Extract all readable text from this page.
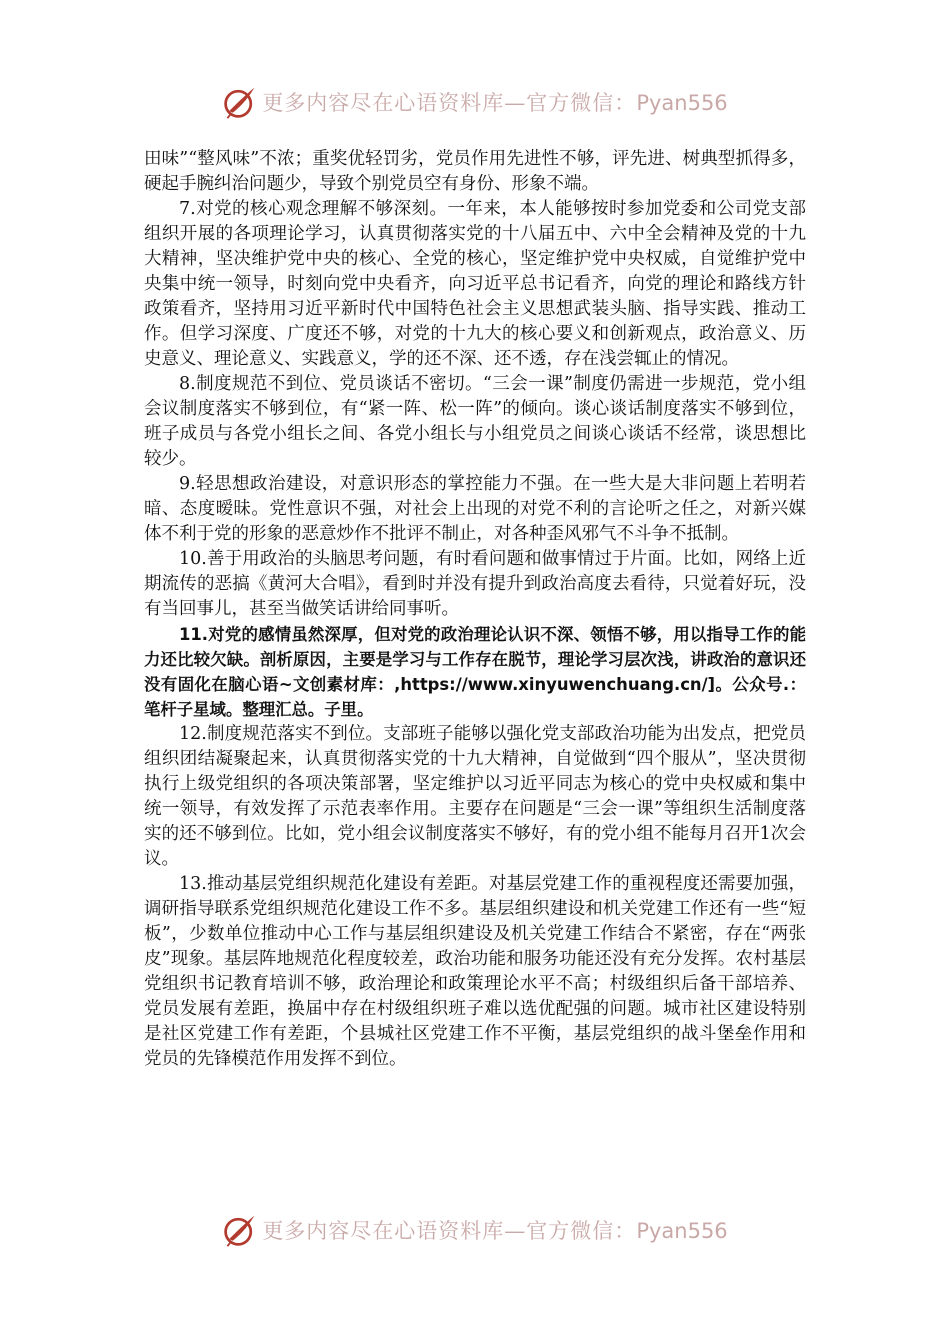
更多内容尽在心语资料库—官方微信：Pyan556

田味”“整风味”不浓；重奖优轻罚劣，党员作用先进性不够，评先进、树典型抓得多，硬起手腕纠治问题少，导致个别党员空有身份、形象不端。

7.对党的核心观念理解不够深刻。一年来，本人能够按时参加党委和公司党支部组织开展的各项理论学习，认真贯彻落实党的十八届五中、六中全会精神及党的十九大精神，坚决维护党中央的核心、全党的核心，坚定维护党中央权威，自觉维护党中央集中统一领导，时刻向党中央看齐，向习近平总书记看齐，向党的理论和路线方针政策看齐，坚持用习近平新时代中国特色社会主义思想武装头脑、指导实践、推动工作。但学习深度、广度还不够，对党的十九大的核心要义和创新观点，政治意义、历史意义、理论意义、实践意义，学的还不深、还不透，存在浅尝辄止的情况。

8.制度规范不到位、党员谈话不密切。“三会一课”制度仍需进一步规范，党小组会议制度落实不够到位，有“紧一阵、松一阵”的倾向。谈心谈话制度落实不够到位，班子成员与各党小组长之间、各党小组长与小组党员之间谈心谈话不经常，谈思想比较少。

9.轻思想政治建设，对意识形态的掌控能力不强。在一些大是大非问题上若明若暗、态度暧昧。党性意识不强，对社会上出现的对党不利的言论听之任之，对新兴媒体不利于党的形象的恶意炒作不批评不制止，对各种歪风邪气不斗争不抵制。

10.善于用政治的头脑思考问题，有时看问题和做事情过于片面。比如，网络上近期流传的恶搞《黄河大合唱》，看到时并没有提升到政治高度去看待，只觉着好玩，没有当回事儿，甚至当做笑话讲给同事听。

11.对党的感情虽然深厚，但对党的政治理论认识不深、领悟不够，用以指导工作的能力还比较欠缺。剖析原因，主要是学习与工作存在脱节，理论学习层次浅，讲政治的意识还没有固化在脑心语~文创素材库：,https://www.xinyuwenchuang.cn/]。公众号.：笔杆子星域。整理汇总。子里。

12.制度规范落实不到位。支部班子能够以强化党支部政治功能为出发点，把党员组织团结凝聚起来，认真贯彻落实党的十九大精神，自觉做到“四个服从”，坚决贯彻执行上级党组织的各项决策部署，坚定维护以习近平同志为核心的党中央权威和集中统一领导，有效发挥了示范表率作用。主要存在问题是“三会一课”等组织生活制度落实的还不够到位。比如，党小组会议制度落实不够好，有的党小组不能每月召开1次会议。

13.推动基层党组织规范化建设有差距。对基层党建工作的重视程度还需要加强，调研指导联系党组织规范化建设工作不多。基层组织建设和机关党建工作还有一些“短板”，少数单位推动中心工作与基层组织建设及机关党建工作结合不紧密，存在“两张皮”现象。基层阵地规范化程度较差，政治功能和服务功能还没有充分发挥。农村基层党组织书记教育培训不够，政治理论和政策理论水平不高；村级组织后备干部培养、党员发展有差距，换届中存在村级组织班子难以选优配强的问题。城市社区建设特别是社区党建工作有差距，个县城社区党建工作不平衡，基层党组织的战斗堡垒作用和党员的先锋模范作用发挥不到位。

更多内容尽在心语资料库—官方微信：Pyan556
